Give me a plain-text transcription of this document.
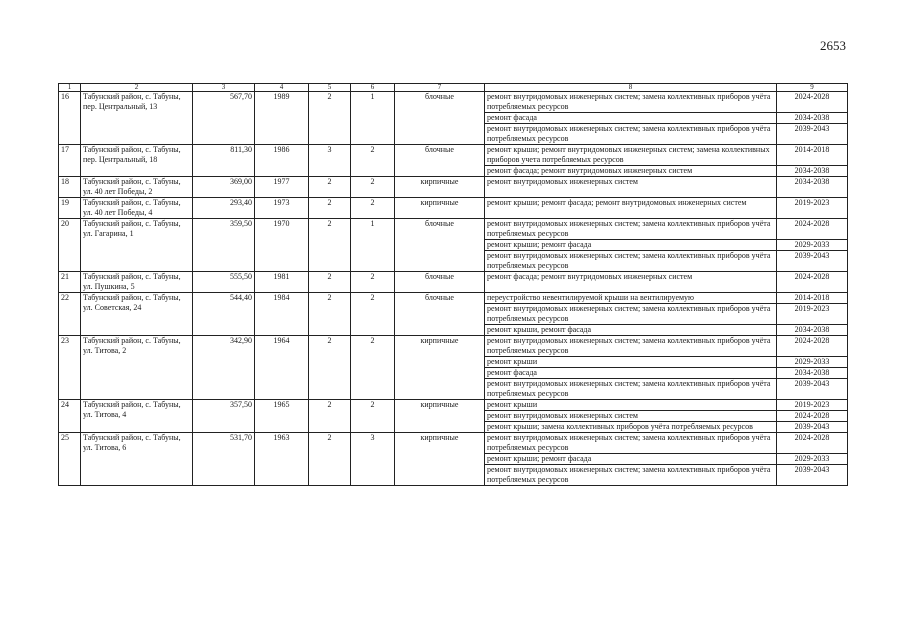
2653
1	2	3	4	5	6	7	8	9
16	Табунский район, с. Табуны, пер. Центральный, 13	567,70	1989	2	1	блочные	ремонт внутридомовых инженерных систем; замена коллективных приборов учёта потребляемых ресурсов	2024-2028
							ремонт фасада	2034-2038
							ремонт внутридомовых инженерных систем; замена коллективных приборов учёта потребляемых ресурсов	2039-2043
17	Табунский район, с. Табуны, пер. Центральный, 18	811,30	1986	3	2	блочные	ремонт крыши; ремонт внутридомовых инженерных систем; замена коллективных приборов учета потребляемых ресурсов	2014-2018
							ремонт фасада; ремонт внутридомовых инженерных систем	2034-2038
18	Табунский район, с. Табуны, ул. 40 лет Победы, 2	369,00	1977	2	2	кирпичные	ремонт внутридомовых инженерных систем	2034-2038
19	Табунский район, с. Табуны, ул. 40 лет Победы, 4	293,40	1973	2	2	кирпичные	ремонт крыши; ремонт фасада; ремонт внутридомовых инженерных систем	2019-2023
20	Табунский район, с. Табуны, ул. Гагарина, 1	359,50	1970	2	1	блочные	ремонт внутридомовых инженерных систем; замена коллективных приборов учёта потребляемых ресурсов	2024-2028
							ремонт крыши; ремонт фасада	2029-2033
							ремонт внутридомовых инженерных систем; замена коллективных приборов учёта потребляемых ресурсов	2039-2043
21	Табунский район, с. Табуны, ул. Пушкина, 5	555,50	1981	2	2	блочные	ремонт фасада; ремонт внутридомовых инженерных систем	2024-2028
22	Табунский район, с. Табуны, ул. Советская, 24	544,40	1984	2	2	блочные	переустройство невентилируемой крыши на вентилируемую	2014-2018
							ремонт внутридомовых инженерных систем; замена коллективных приборов учёта потребляемых ресурсов	2019-2023
							ремонт крыши, ремонт фасада	2034-2038
23	Табунский район, с. Табуны, ул. Титова, 2	342,90	1964	2	2	кирпичные	ремонт внутридомовых инженерных систем; замена коллективных приборов учёта потребляемых ресурсов	2024-2028
							ремонт крыши	2029-2033
							ремонт фасада	2034-2038
							ремонт внутридомовых инженерных систем; замена коллективных приборов учёта потребляемых ресурсов	2039-2043
24	Табунский район, с. Табуны, ул. Титова, 4	357,50	1965	2	2	кирпичные	ремонт крыши	2019-2023
							ремонт внутридомовых инженерных систем	2024-2028
							ремонт крыши; замена коллективных приборов учёта потребляемых ресурсов	2039-2043
25	Табунский район, с. Табуны, ул. Титова, 6	531,70	1963	2	3	кирпичные	ремонт внутридомовых инженерных систем; замена коллективных приборов учёта потребляемых ресурсов	2024-2028
							ремонт крыши; ремонт фасада	2029-2033
							ремонт внутридомовых инженерных систем; замена коллективных приборов учёта потребляемых ресурсов	2039-2043
